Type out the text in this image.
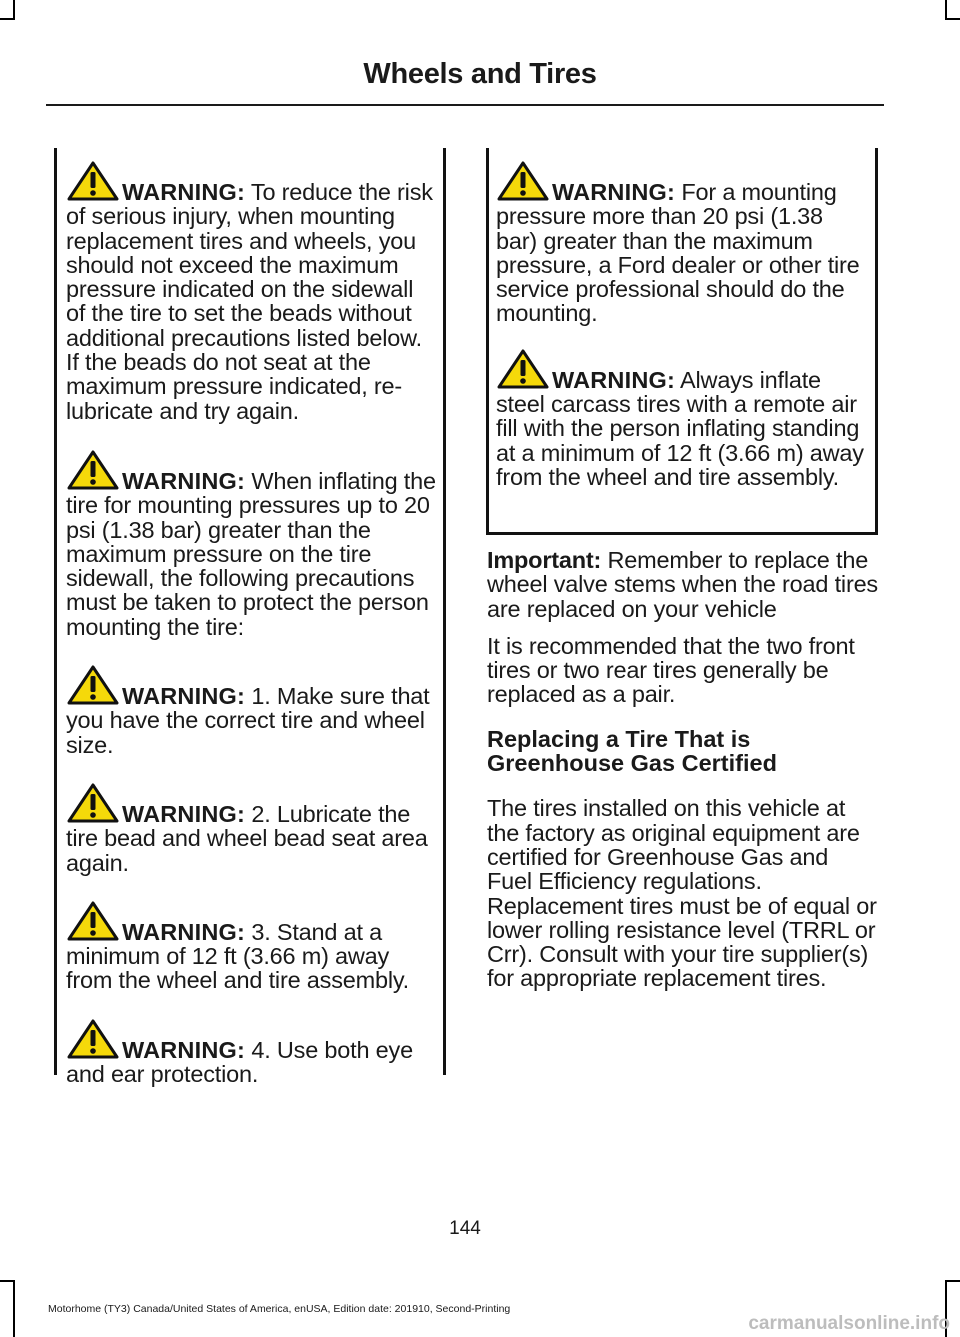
Wheels and Tires

WARNING: To reduce the risk of serious injury, when mounting replacement tires and wheels, you should not exceed the maximum pressure indicated on the sidewall of the tire to set the beads without additional precautions listed below. If the beads do not seat at the maximum pressure indicated, re-lubricate and try again.

WARNING: When inflating the tire for mounting pressures up to 20 psi (1.38 bar) greater than the maximum pressure on the tire sidewall, the following precautions must be taken to protect the person mounting the tire:

WARNING: 1. Make sure that you have the correct tire and wheel size.

WARNING: 2. Lubricate the tire bead and wheel bead seat area again.

WARNING: 3. Stand at a minimum of 12 ft (3.66 m) away from the wheel and tire assembly.

WARNING: 4. Use both eye and ear protection.

WARNING: For a mounting pressure more than 20 psi (1.38 bar) greater than the maximum pressure, a Ford dealer or other tire service professional should do the mounting.

WARNING: Always inflate steel carcass tires with a remote air fill with the person inflating standing at a minimum of 12 ft (3.66 m) away from the wheel and tire assembly.

Important: Remember to replace the wheel valve stems when the road tires are replaced on your vehicle

It is recommended that the two front tires or two rear tires generally be replaced as a pair.

Replacing a Tire That is Greenhouse Gas Certified

The tires installed on this vehicle at the factory as original equipment are certified for Greenhouse Gas and Fuel Efficiency regulations. Replacement tires must be of equal or lower rolling resistance level (TRRL or Crr). Consult with your tire supplier(s) for appropriate replacement tires.

144
Motorhome (TY3) Canada/United States of America, enUSA, Edition date: 201910, Second-Printing
carmanualsonline.info
